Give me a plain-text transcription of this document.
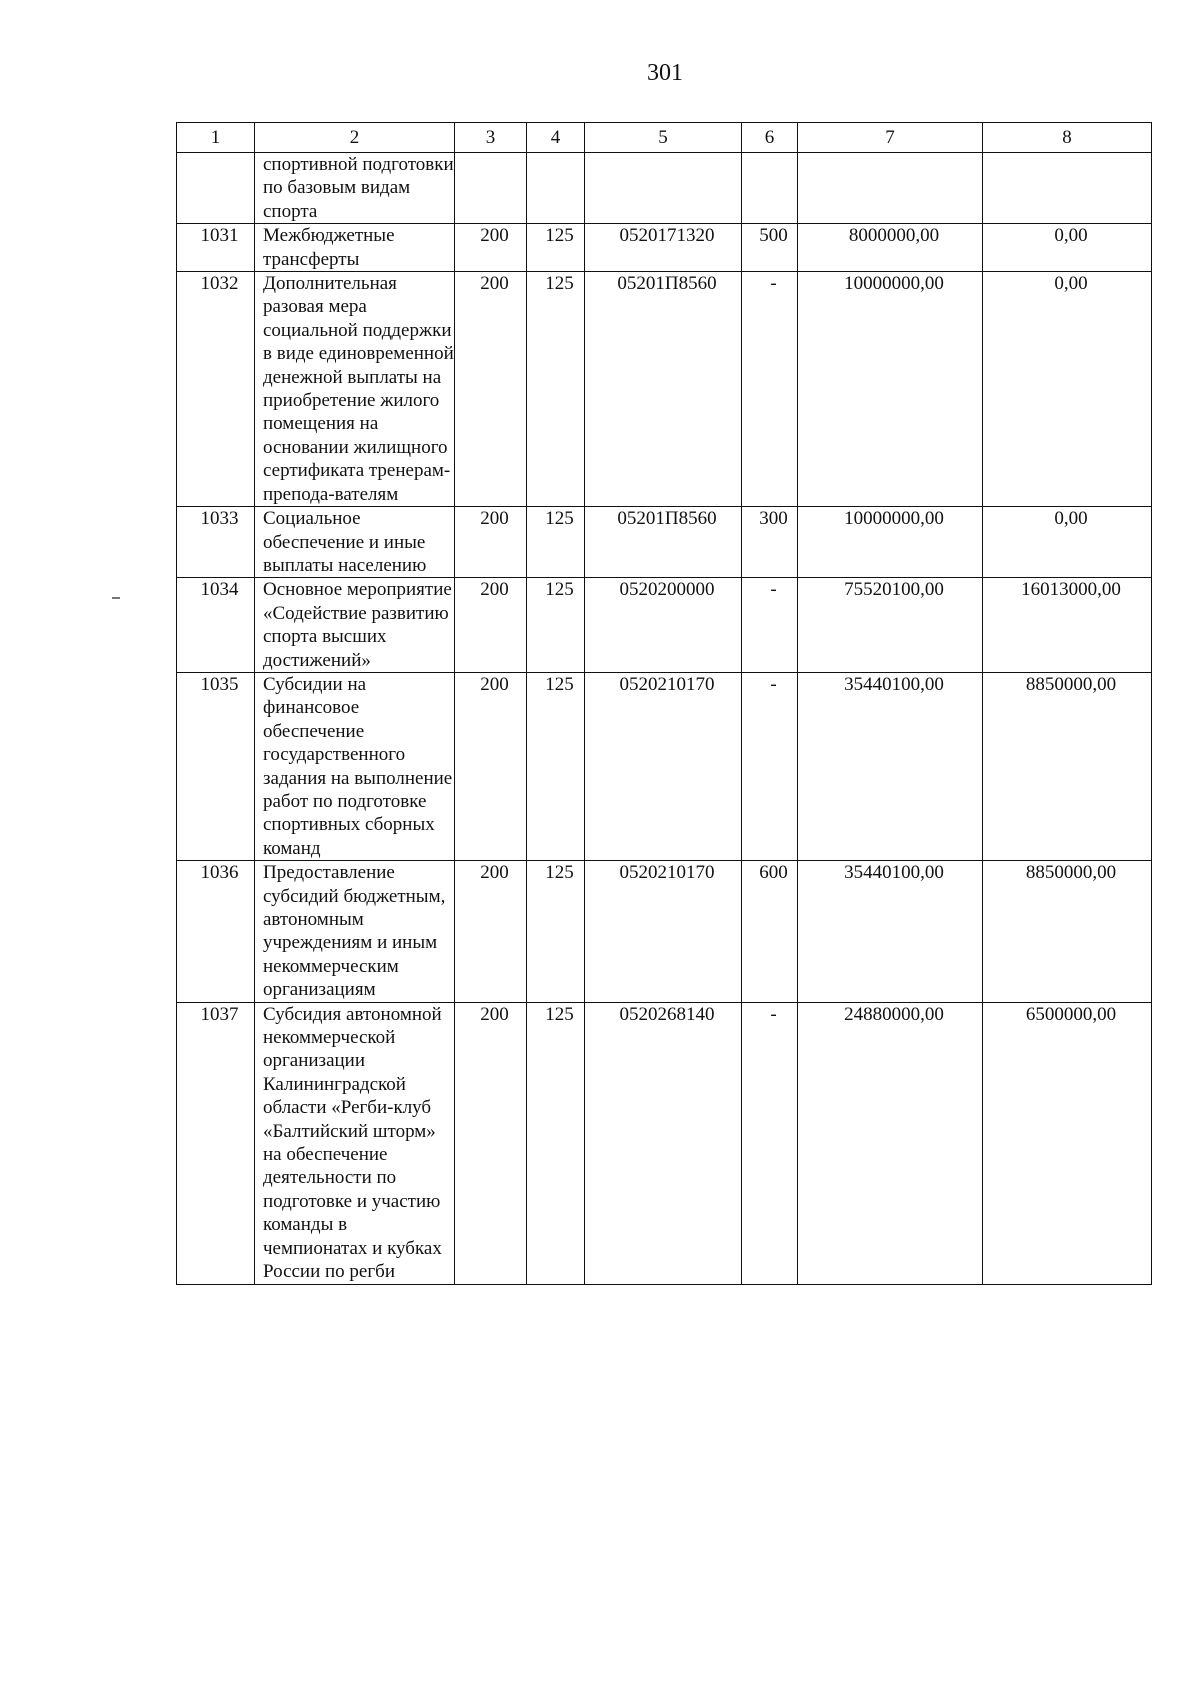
301
1	2	3	4	5	6	7	8
	спортивной подготовки по базовым видам спорта						
1031	Межбюджетные трансферты	200	125	0520171320	500	8000000,00	0,00
1032	Дополнительная разовая мера социальной поддержки в виде единовременной денежной выплаты на приобретение жилого помещения на основании жилищного сертификата тренерам-препода-вателям	200	125	05201П8560	-	10000000,00	0,00
1033	Социальное обеспечение и иные выплаты населению	200	125	05201П8560	300	10000000,00	0,00
1034	Основное мероприятие «Содействие развитию спорта высших достижений»	200	125	0520200000	-	75520100,00	16013000,00
1035	Субсидии на финансовое обеспечение государственного задания на выполнение работ по подготовке спортивных сборных команд	200	125	0520210170	-	35440100,00	8850000,00
1036	Предоставление субсидий бюджетным, автономным учреждениям и иным некоммерческим организациям	200	125	0520210170	600	35440100,00	8850000,00
1037	Субсидия автономной некоммерческой организации Калининградской области «Регби-клуб «Балтийский шторм» на обеспечение деятельности по подготовке и участию команды в чемпионатах и кубках России по регби	200	125	0520268140	-	24880000,00	6500000,00
